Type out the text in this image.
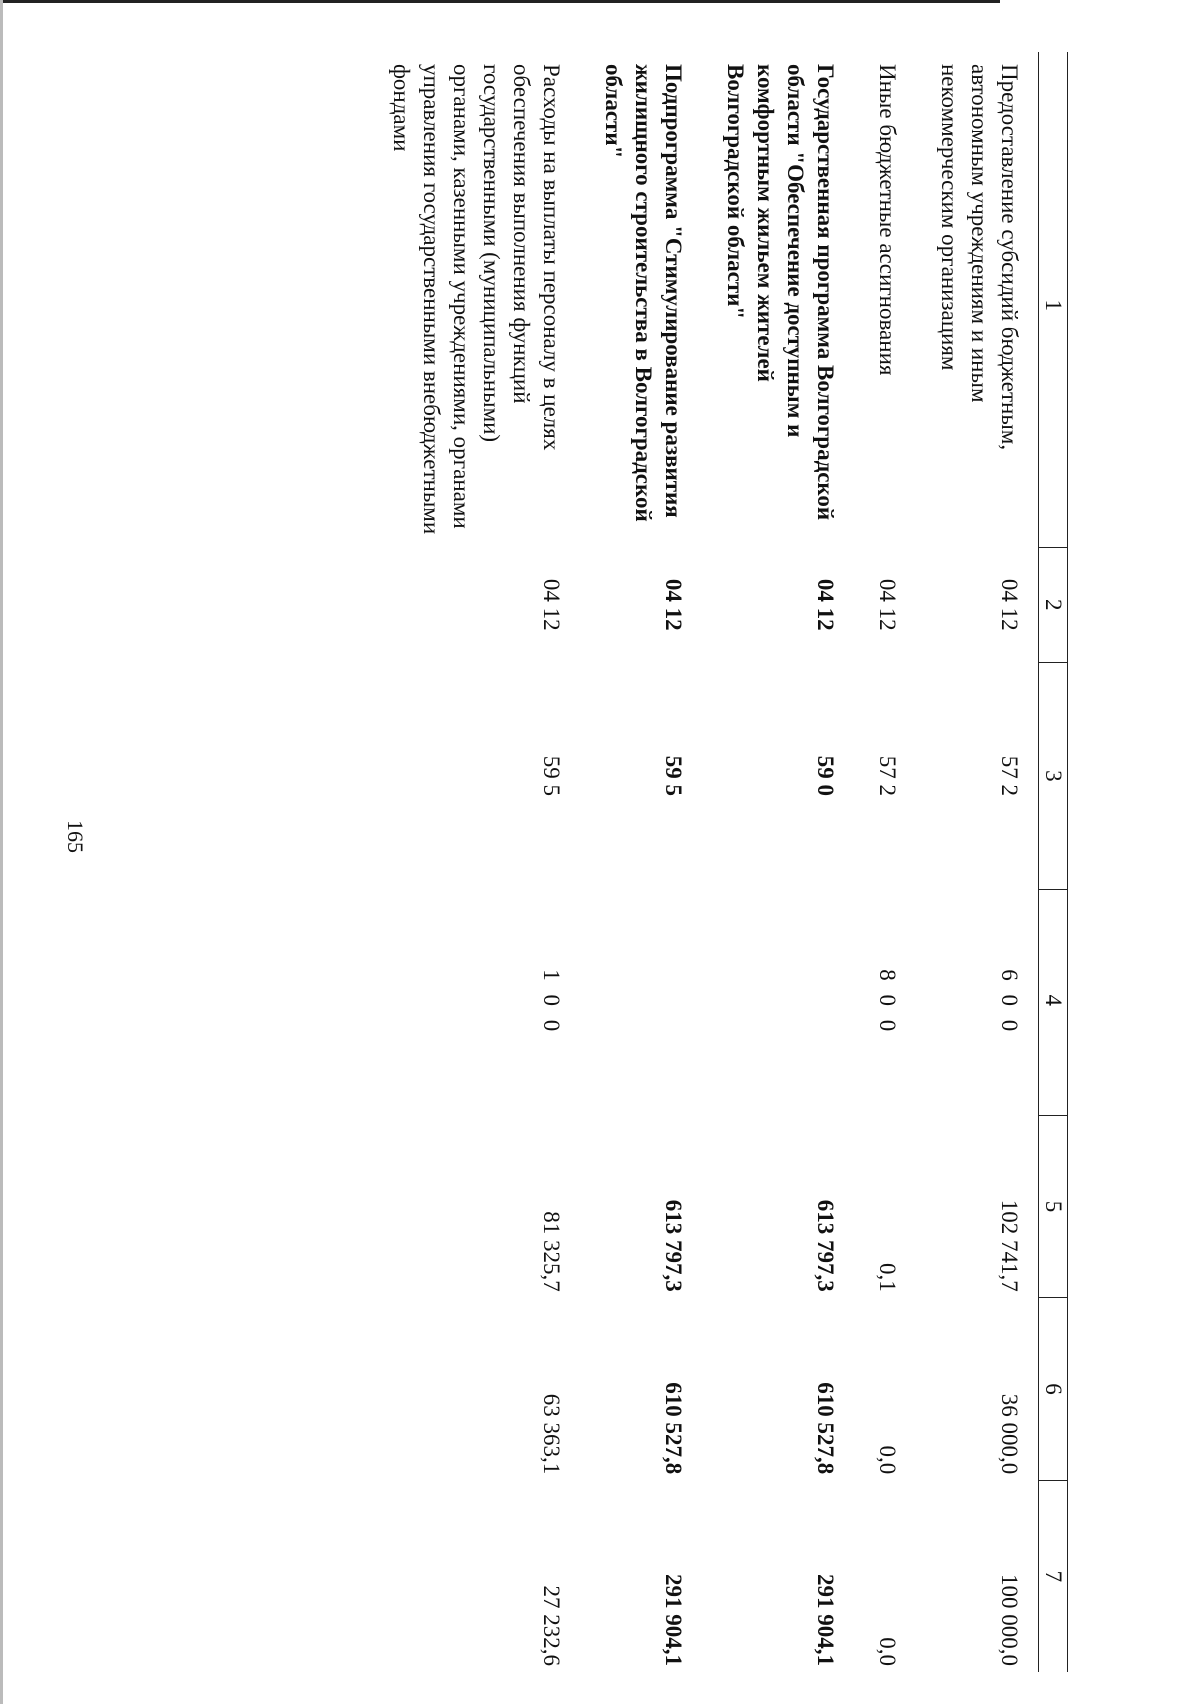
165
1	2	3	4	5	6	7
Предоставление субсидий бюджетным, автономным учреждениям и иным некоммерческим организациям	04 12	57 2	6 0 0	102 741,7	36 000,0	100 000,0
Иные бюджетные ассигнования	04 12	57 2	8 0 0	0,1	0,0	0,0
Государственная программа Волгоградской области "Обеспечение доступным и комфортным жильем жителей Волгоградской области"	04 12	59 0		613 797,3	610 527,8	291 904,1
Подпрограмма "Стимулирование развития жилищного строительства в Волгоградской области"	04 12	59 5		613 797,3	610 527,8	291 904,1
Расходы на выплаты персоналу в целях обеспечения выполнения функций государственными (муниципальными) органами, казенными учреждениями, органами управления государственными внебюджетными фондами	04 12	59 5	1 0 0	81 325,7	63 363,1	27 232,6
